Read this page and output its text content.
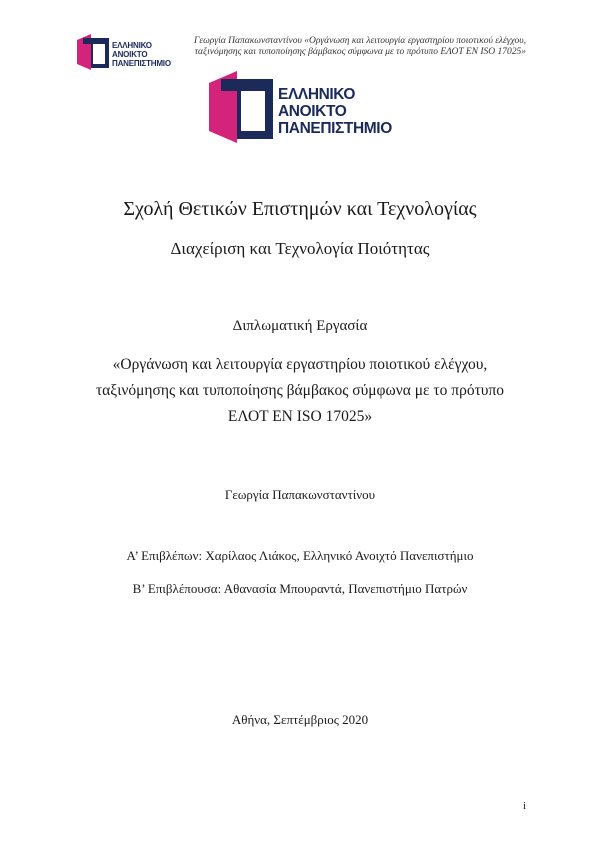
ΕΛΛΗΝΙΚΟ
ΑΝΟΙΚΤΟ
ΠΑΝΕΠΙΣΤΗΜΙΟ
Γεωργία Παπακωνσταντίνου «Οργάνωση και λειτουργία εργαστηρίου ποιοτικού ελέγχου,
ταξινόμησης και τυποποίησης βάμβακος σύμφωνα με το πρότυπο ΕΛΟΤ ΕΝ ISO 17025»
ΕΛΛΗΝΙΚΟ
ΑΝΟΙΚΤΟ
ΠΑΝΕΠΙΣΤΗΜΙΟ
Σχολή Θετικών Επιστημών και Τεχνολογίας
Διαχείριση και Τεχνολογία Ποιότητας
Διπλωματική Εργασία
«Οργάνωση και λειτουργία εργαστηρίου ποιοτικού ελέγχου,
ταξινόμησης και τυποποίησης βάμβακος σύμφωνα με το πρότυπο
ΕΛΟΤ ΕΝ ISO 17025»
Γεωργία Παπακωνσταντίνου
Α’ Επιβλέπων: Χαρίλαος Λιάκος, Ελληνικό Ανοιχτό Πανεπιστήμιο
Β’ Επιβλέπουσα: Αθανασία Μπουραντά, Πανεπιστήμιο Πατρών
Αθήνα, Σεπτέμβριος 2020
i
